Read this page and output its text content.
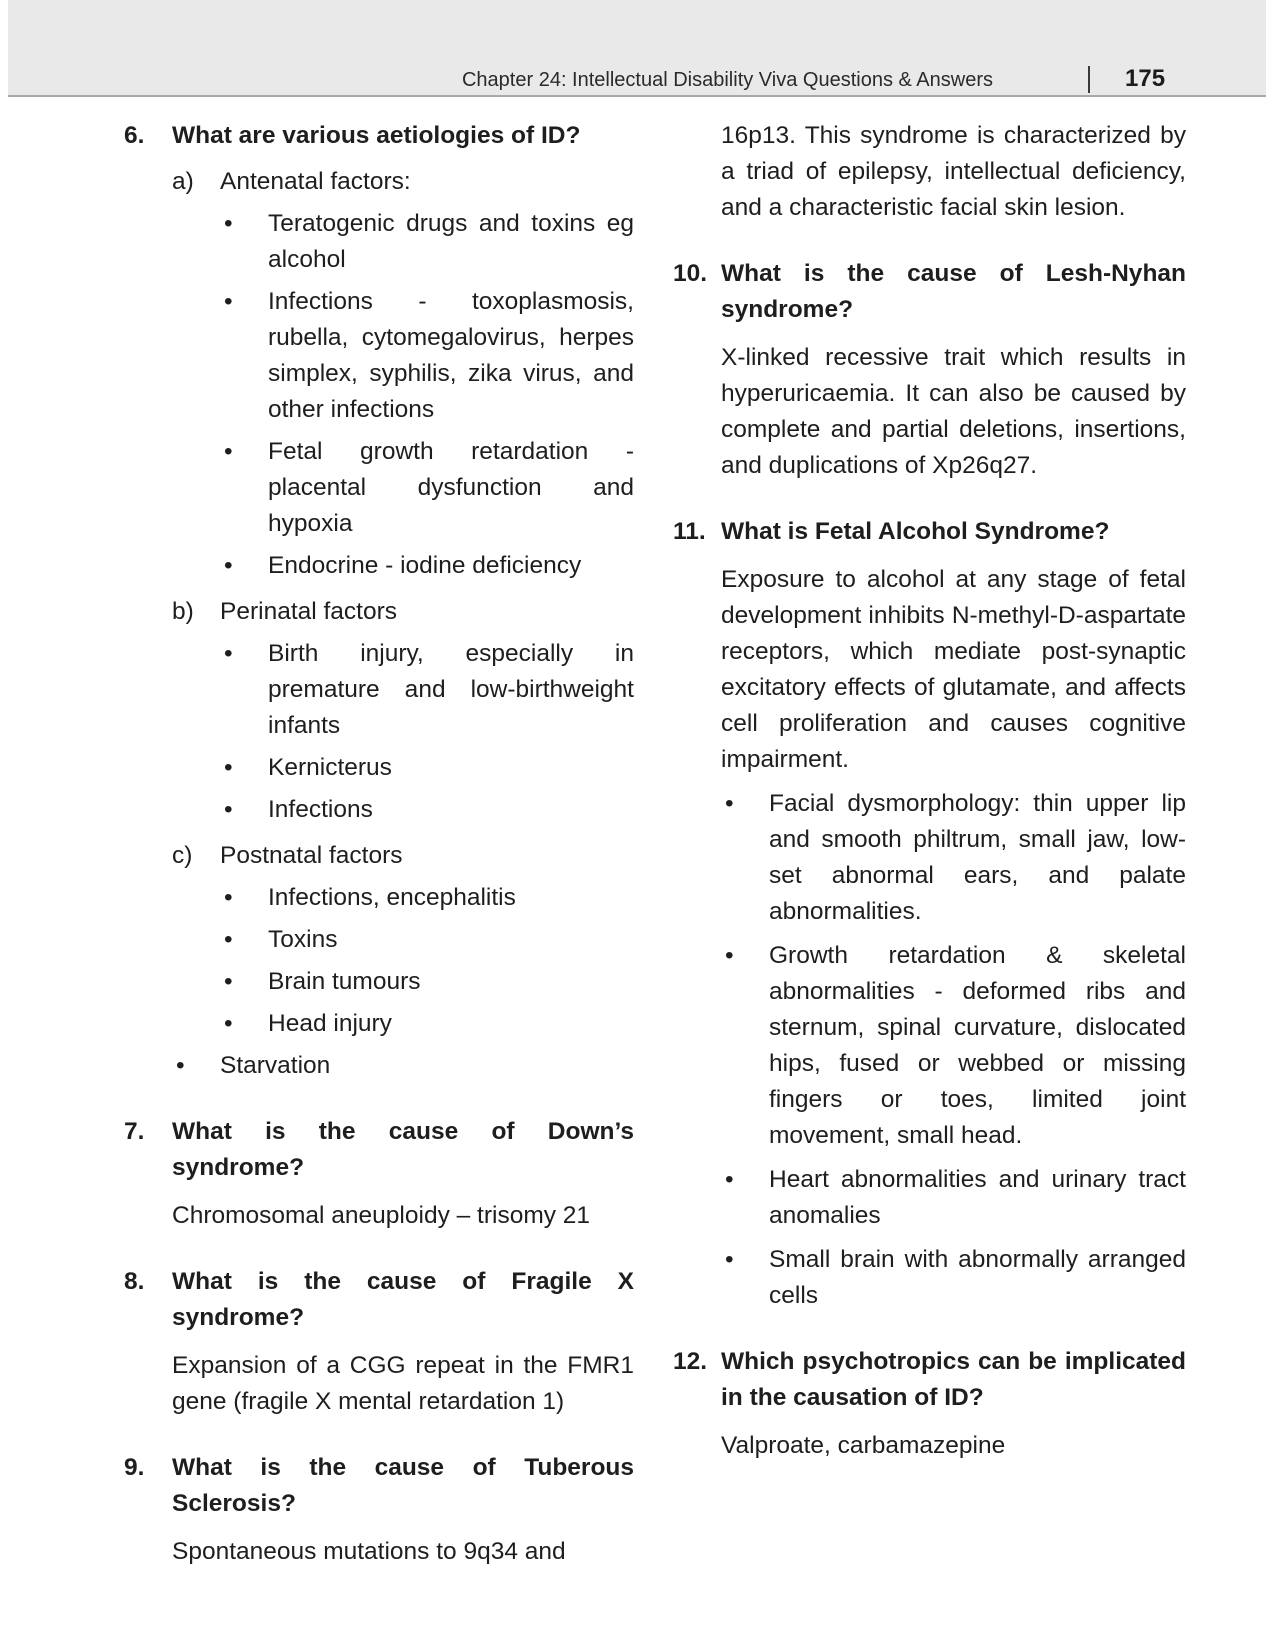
Chapter 24: Intellectual Disability Viva Questions & Answers	175
6. What are various aetiologies of ID?
a) Antenatal factors:
• Teratogenic drugs and toxins eg alcohol
• Infections - toxoplasmosis, rubella, cytomegalovirus, herpes simplex, syphilis, zika virus, and other infections
• Fetal growth retardation - placental dysfunction and hypoxia
• Endocrine - iodine deficiency
b) Perinatal factors
• Birth injury, especially in premature and low-birthweight infants
• Kernicterus
• Infections
c) Postnatal factors
• Infections, encephalitis
• Toxins
• Brain tumours
• Head injury
• Starvation
7. What is the cause of Down’s syndrome?
Chromosomal aneuploidy – trisomy 21
8. What is the cause of Fragile X syndrome?
Expansion of a CGG repeat in the FMR1 gene (fragile X mental retardation 1)
9. What is the cause of Tuberous Sclerosis?
Spontaneous mutations to 9q34 and
16p13. This syndrome is characterized by a triad of epilepsy, intellectual deficiency, and a characteristic facial skin lesion.
10. What is the cause of Lesh-Nyhan syndrome?
X-linked recessive trait which results in hyperuricaemia. It can also be caused by complete and partial deletions, insertions, and duplications of Xp26q27.
11. What is Fetal Alcohol Syndrome?
Exposure to alcohol at any stage of fetal development inhibits N-methyl-D-aspartate receptors, which mediate post-synaptic excitatory effects of glutamate, and affects cell proliferation and causes cognitive impairment.
• Facial dysmorphology: thin upper lip and smooth philtrum, small jaw, low-set abnormal ears, and palate abnormalities.
• Growth retardation & skeletal abnormalities - deformed ribs and sternum, spinal curvature, dislocated hips, fused or webbed or missing fingers or toes, limited joint movement, small head.
• Heart abnormalities and urinary tract anomalies
• Small brain with abnormally arranged cells
12. Which psychotropics can be implicated in the causation of ID?
Valproate, carbamazepine
